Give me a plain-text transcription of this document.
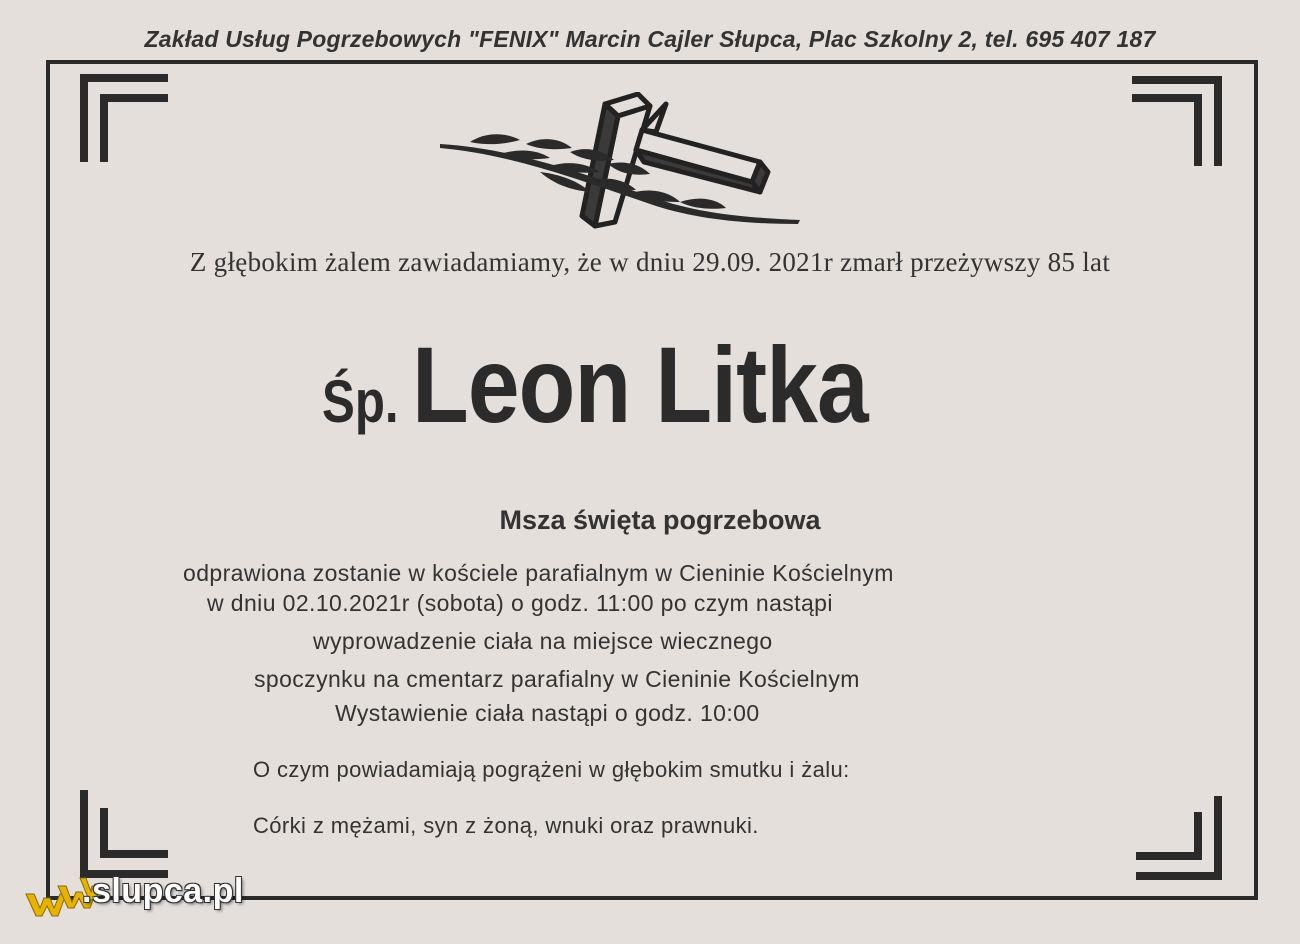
Zakład Usług Pogrzebowych "FENIX" Marcin Cajler Słupca, Plac Szkolny 2, tel. 695 407 187
Z głębokim żalem zawiadamiamy, że w dniu 29.09. 2021r zmarł przeżywszy 85 lat
Śp. Leon Litka
Msza święta pogrzebowa
odprawiona zostanie w kościele parafialnym w Cieninie Kościelnym
w dniu 02.10.2021r (sobota) o godz. 11:00 po czym nastąpi
wyprowadzenie ciała na miejsce wiecznego
spoczynku na cmentarz parafialny w Cieninie Kościelnym
Wystawienie ciała nastąpi o godz. 10:00
O czym powiadamiają pogrążeni w głębokim smutku i żalu:
Córki z mężami, syn z żoną, wnuki oraz prawnuki.
.slupca.pl
